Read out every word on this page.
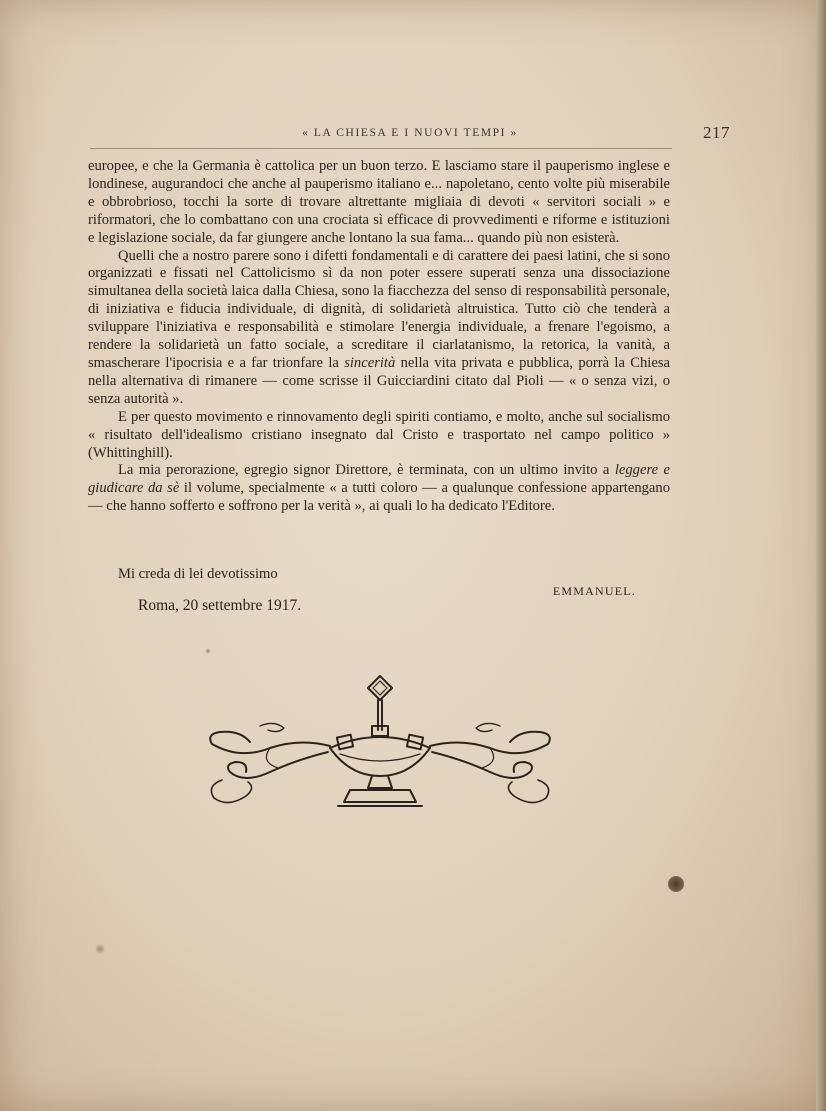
« LA CHIESA E I NUOVI TEMPI »	217

europee, e che la Germania è cattolica per un buon terzo. E lasciamo stare il pauperismo inglese e londinese, augurandoci che anche al pauperismo italiano e... napoletano, cento volte più miserabile e obbrobrioso, tocchi la sorte di trovare altrettante migliaia di devoti « servitori sociali » e riformatori, che lo combattano con una crociata sì efficace di provvedimenti e riforme e istituzioni e legislazione sociale, da far giungere anche lontano la sua fama... quando più non esisterà.

Quelli che a nostro parere sono i difetti fondamentali e di carattere dei paesi latini, che si sono organizzati e fissati nel Cattolicismo sì da non poter essere superati senza una dissociazione simultanea della società laica dalla Chiesa, sono la fiacchezza del senso di responsabilità personale, di iniziativa e fiducia individuale, di dignità, di solidarietà altruistica. Tutto ciò che tenderà a sviluppare l'iniziativa e responsabilità e stimolare l'energia individuale, a frenare l'egoismo, a rendere la solidarietà un fatto sociale, a screditare il ciarlatanismo, la retorica, la vanità, a smascherare l'ipocrisia e a far trionfare la sincerità nella vita privata e pubblica, porrà la Chiesa nella alternativa di rimanere — come scrisse il Guicciardini citato dal Pioli — « o senza vizi, o senza autorità ».

E per questo movimento e rinnovamento degli spiriti contiamo, e molto, anche sul socialismo « risultato dell'idealismo cristiano insegnato dal Cristo e trasportato nel campo politico » (Whittinghill).

La mia perorazione, egregio signor Direttore, è terminata, con un ultimo invito a leggere e giudicare da sè il volume, specialmente « a tutti coloro — a qualunque confessione appartengano — che hanno sofferto e soffrono per la verità », ai quali lo ha dedicato l'Editore.

Mi creda di lei devotissimo
EMMANUEL.
Roma, 20 settembre 1917.
